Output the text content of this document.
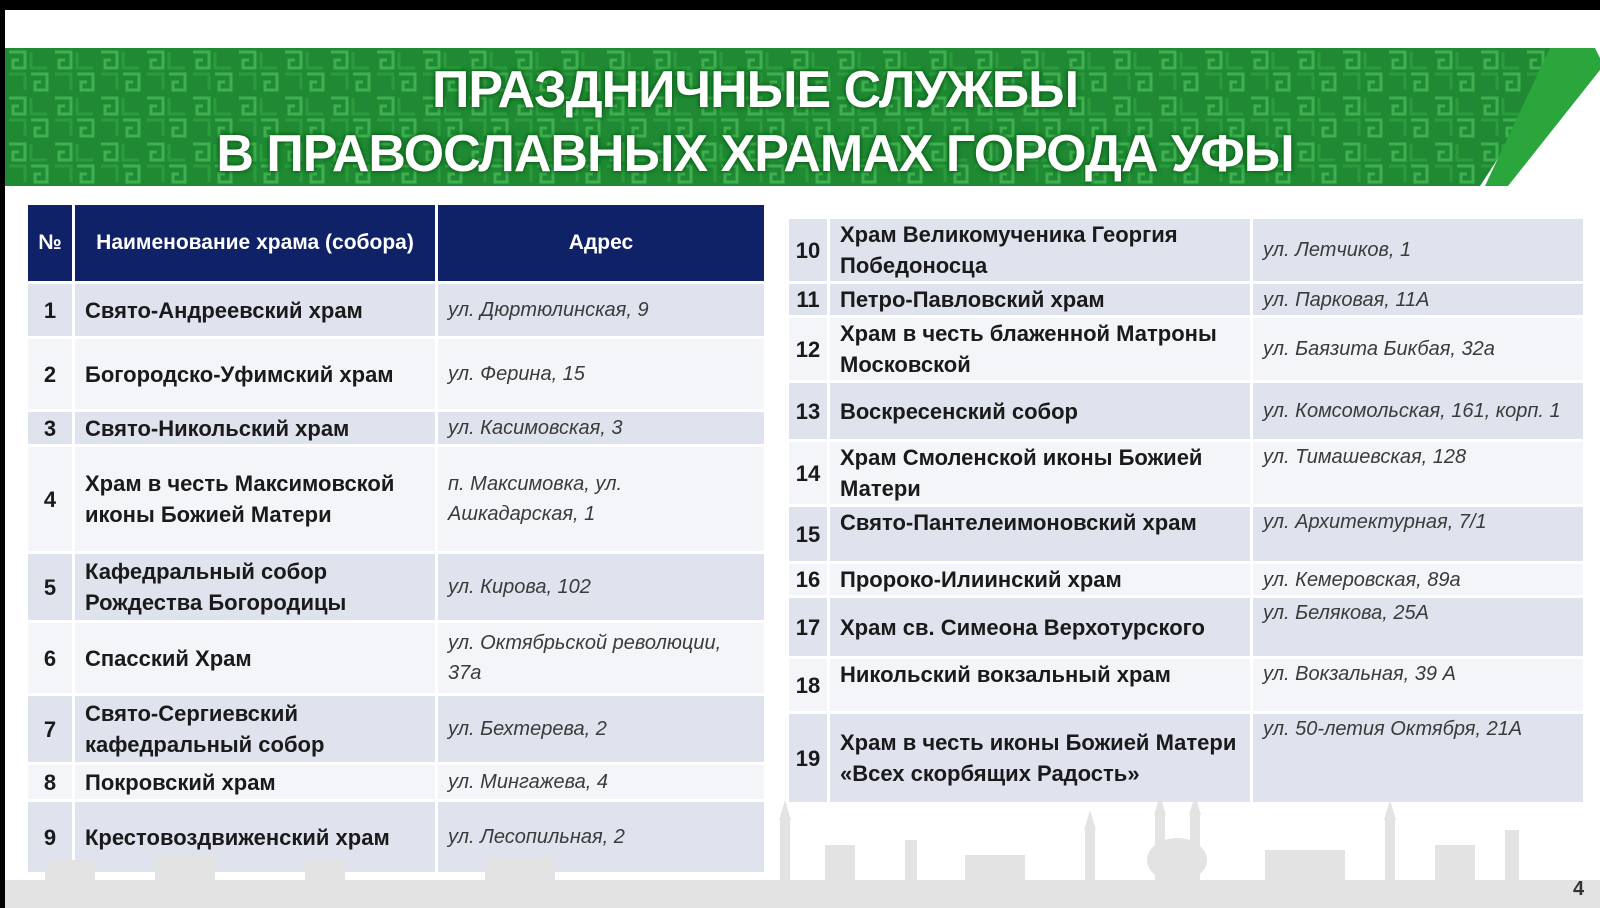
ПРАЗДНИЧНЫЕ СЛУЖБЫ
В ПРАВОСЛАВНЫХ ХРАМАХ ГОРОДА УФЫ
№	Наименование храма (собора)	Адрес
1	Свято-Андреевский храм	ул. Дюртюлинская, 9
2	Богородско-Уфимский храм	ул. Ферина, 15
3	Свято-Никольский храм	ул. Касимовская, 3
4	Храм в честь Максимовской иконы Божией Матери	п. Максимовка, ул. Ашкадарская, 1
5	Кафедральный собор Рождества Богородицы	ул. Кирова, 102
6	Спасский Храм	ул. Октябрьской революции, 37а
7	Свято-Сергиевский кафедральный собор	ул. Бехтерева, 2
8	Покровский храм	ул. Мингажева, 4
9	Крестовоздвиженский храм	ул. Лесопильная, 2
10	Храм Великомученика Георгия Победоносца	ул. Летчиков, 1
11	Петро-Павловский храм	ул. Парковая, 11А
12	Храм в честь блаженной Матроны Московской	ул. Баязита Бикбая, 32а
13	Воскресенский собор	ул. Комсомольская, 161, корп. 1
14	Храм Смоленской иконы Божией Матери	ул. Тимашевская, 128
15	Свято-Пантелеимоновский храм	ул. Архитектурная, 7/1
16	Пророко-Илиинский храм	ул. Кемеровская, 89а
17	Храм св. Симеона Верхотурского	ул. Белякова, 25А
18	Никольский вокзальный храм	ул. Вокзальная, 39 А
19	Храм в честь иконы Божией Матери «Всех скорбящих Радость»	ул. 50-летия Октября, 21А
4
